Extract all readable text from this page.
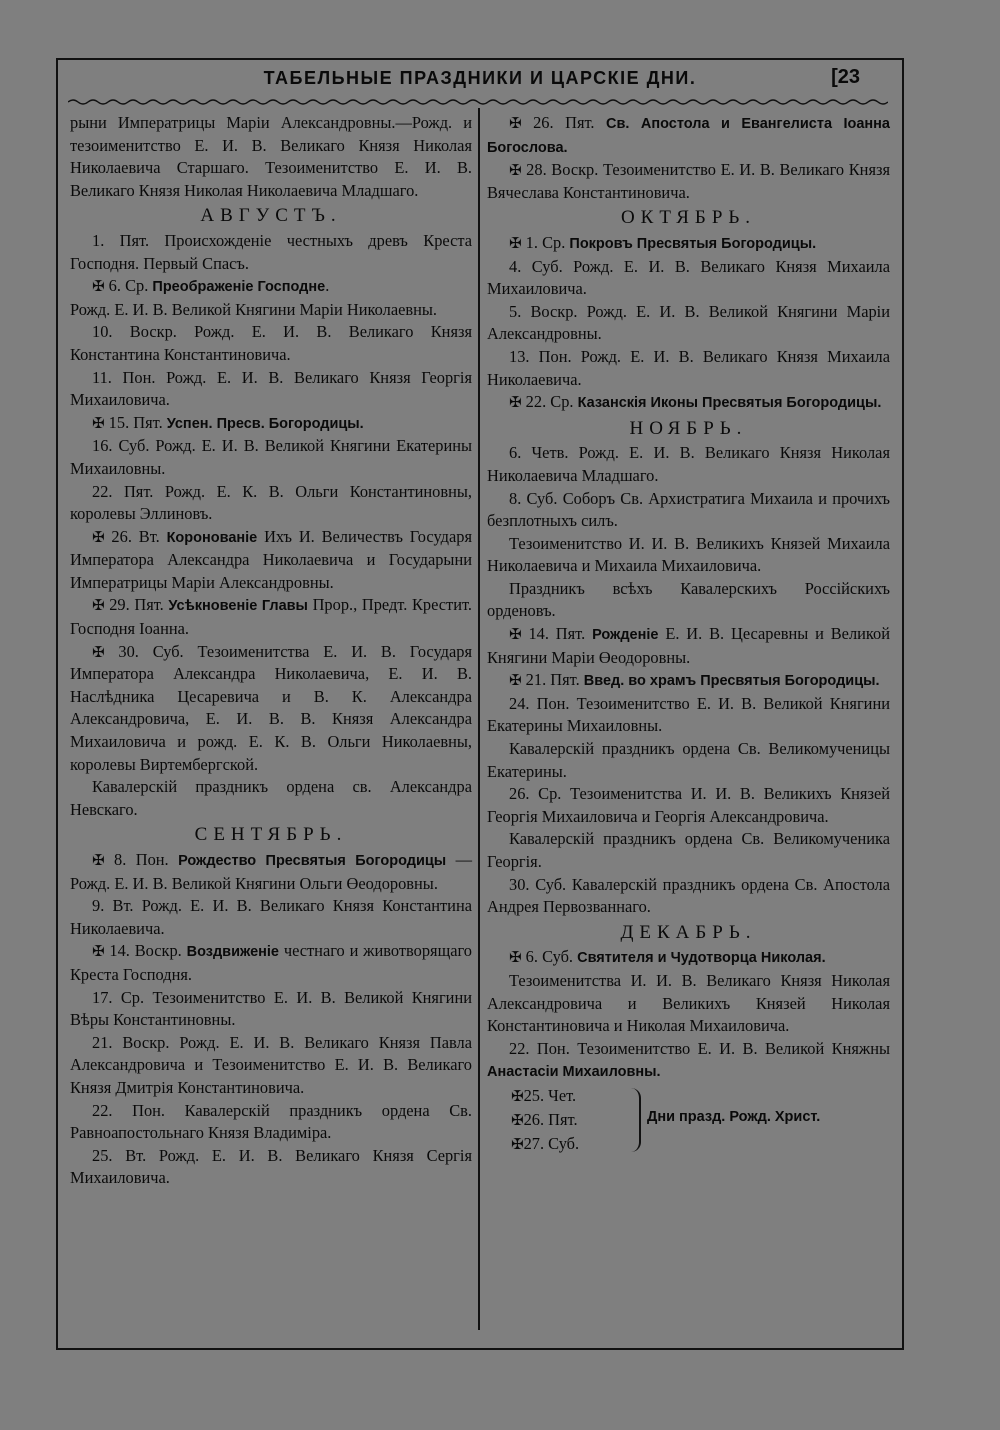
ТАБЕЛЬНЫЕ ПРАЗДНИКИ И ЦАРСКІЕ ДНИ.	[23

рыни Императрицы Маріи Александровны.—Рожд. и тезоименитство Е. И. В. Великаго Князя Николая Николаевича Старшаго. Тезоименитство Е. И. В. Великаго Князя Николая Николаевича Младшаго.

АВГУСТЪ.

1. Пят. Происхожденіе честныхъ древъ Креста Господня. Первый Спасъ.

✠ 6. Ср. Преображеніе Господне.

Рожд. Е. И. В. Великой Княгини Маріи Николаевны.

10. Воскр. Рожд. Е. И. В. Великаго Князя Константина Константиновича.

11. Пон. Рожд. Е. И. В. Великаго Князя Георгія Михаиловича.

✠ 15. Пят. Успен. Пресв. Богородицы.

16. Суб. Рожд. Е. И. В. Великой Княгини Екатерины Михаиловны.

22. Пят. Рожд. Е. К. В. Ольги Константиновны, королевы Эллиновъ.

✠ 26. Вт. Коронованіе Ихъ И. Величествъ Государя Императора Александра Николаевича и Государыни Императрицы Маріи Александровны.

✠ 29. Пят. Усѣкновеніе Главы Прор., Предт. Крестит. Господня Іоанна.

✠ 30. Суб. Тезоименитства Е. И. В. Государя Императора Александра Николаевича, Е. И. В. Наслѣдника Цесаревича и В. К. Александра Александровича, Е. И. В. В. Князя Александра Михаиловича и рожд. Е. К. В. Ольги Николаевны, королевы Виртембергской.

Кавалерскій праздникъ ордена св. Александра Невскаго.

СЕНТЯБРЬ.

✠ 8. Пон. Рождество Пресвятыя Богородицы —Рожд. Е. И. В. Великой Княгини Ольги Өеодоровны.

9. Вт. Рожд. Е. И. В. Великаго Князя Константина Николаевича.

✠ 14. Воскр. Воздвиженіе честнаго и животворящаго Креста Господня.

17. Ср. Тезоименитство Е. И. В. Великой Княгини Вѣры Константиновны.

21. Воскр. Рожд. Е. И. В. Великаго Князя Павла Александровича и Тезоименитство Е. И. В. Великаго Князя Дмитрія Константиновича.

22. Пон. Кавалерскій праздникъ ордена Св. Равноапостольнаго Князя Владиміра.

25. Вт. Рожд. Е. И. В. Великаго Князя Сергія Михаиловича.

✠ 26. Пят. Св. Апостола и Евангелиста Іоанна Богослова.

✠ 28. Воскр. Тезоименитство Е. И. В. Великаго Князя Вячеслава Константиновича.

ОКТЯБРЬ.

✠ 1. Ср. Покровъ Пресвятыя Богородицы.

4. Суб. Рожд. Е. И. В. Великаго Князя Михаила Михаиловича.

5. Воскр. Рожд. Е. И. В. Великой Княгини Маріи Александровны.

13. Пон. Рожд. Е. И. В. Великаго Князя Михаила Николаевича.

✠ 22. Ср. Казанскія Иконы Пресвятыя Богородицы.

НОЯБРЬ.

6. Четв. Рожд. Е. И. В. Великаго Князя Николая Николаевича Младшаго.

8. Суб. Соборъ Св. Архистратига Михаила и прочихъ безплотныхъ силъ.

Тезоименитство И. И. В. Великихъ Князей Михаила Николаевича и Михаила Михаиловича.

Праздникъ всѣхъ Кавалерскихъ Россійскихъ орденовъ.

✠ 14. Пят. Рожденіе Е. И. В. Цесаревны и Великой Княгини Маріи Өеодоровны.

✠ 21. Пят. Введ. во храмъ Пресвятыя Богородицы.

24. Пон. Тезоименитство Е. И. В. Великой Княгини Екатерины Михаиловны.

Кавалерскій праздникъ ордена Св. Великомученицы Екатерины.

26. Ср. Тезоименитства И. И. В. Великихъ Князей Георгія Михаиловича и Георгія Александровича.

Кавалерскій праздникъ ордена Св. Великомученика Георгія.

30. Суб. Кавалерскій праздникъ ордена Св. Апостола Андрея Первозваннаго.

ДЕКАБРЬ.

✠ 6. Суб. Святителя и Чудотворца Николая.

Тезоименитства И. И. В. Великаго Князя Николая Александровича и Великихъ Князей Николая Константиновича и Николая Михаиловича.

22. Пон. Тезоименитство Е. И. В. Великой Княжны Анастасіи Михаиловны.

✠ 25. Чет.
✠ 26. Пят.
✠ 27. Суб.
Дни празд. Рожд. Христ.
